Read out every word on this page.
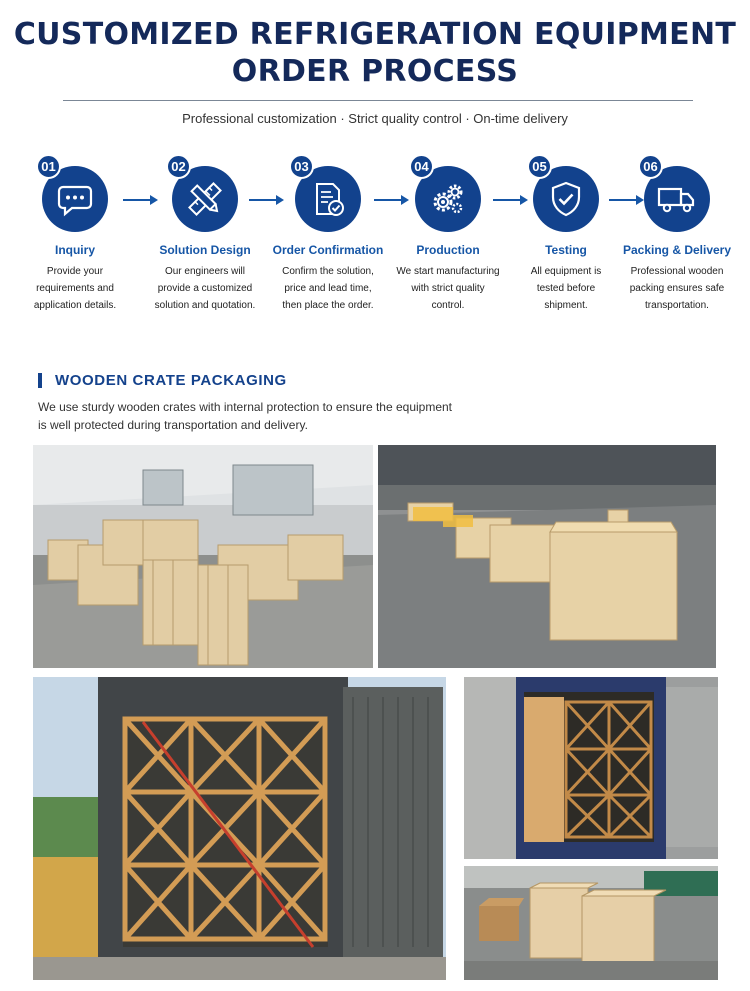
CUSTOMIZED REFRIGERATION EQUIPMENT
ORDER PROCESS
Professional customization · Strict quality control · On-time delivery
01
Inquiry
Provide your
requirements and
application details.
02
Solution Design
Our engineers will
provide a customized
solution and quotation.
03
Order Confirmation
Confirm the solution,
price and lead time,
then place the order.
04
Production
We start manufacturing
with strict quality
control.
05
Testing
All equipment is
tested before
shipment.
06
Packing & Delivery
Professional wooden
packing ensures safe
transportation.
WOODEN CRATE PACKAGING
We use sturdy wooden crates with internal protection to ensure the equipment
is well protected during transportation and delivery.
